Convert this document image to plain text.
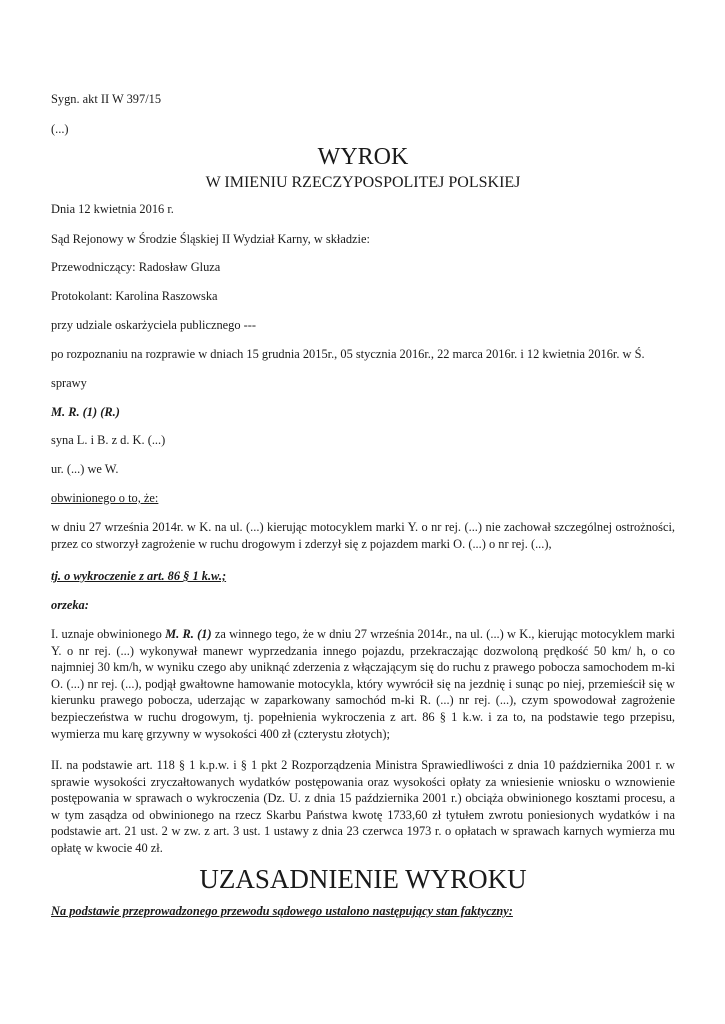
Sygn. akt II W 397/15
(...)
WYROK
W IMIENIU RZECZYPOSPOLITEJ POLSKIEJ
Dnia 12 kwietnia 2016 r.
Sąd Rejonowy w Środzie Śląskiej II Wydział Karny, w składzie:
Przewodniczący: Radosław Gluza
Protokolant: Karolina Raszowska
przy udziale oskarżyciela publicznego ---
po rozpoznaniu na rozprawie w dniach 15 grudnia 2015r., 05 stycznia 2016r., 22 marca 2016r. i 12 kwietnia 2016r. w Ś.
sprawy
M. R. (1) (R.)
syna L. i B. z d. K. (...)
ur. (...) we W.
obwinionego o to, że:
w dniu 27 września 2014r. w K. na ul. (...) kierując motocyklem marki Y. o nr rej. (...) nie zachował szczególnej ostrożności, przez co stworzył zagrożenie w ruchu drogowym i zderzył się z pojazdem marki O. (...) o nr rej. (...),
tj. o wykroczenie z art. 86 § 1 k.w.;
orzeka:
I. uznaje obwinionego M. R. (1) za winnego tego, że w dniu 27 września 2014r., na ul. (...) w K., kierując motocyklem marki Y. o nr rej. (...) wykonywał manewr wyprzedzania innego pojazdu, przekraczając dozwoloną prędkość 50 km/ h, o co najmniej 30 km/h, w wyniku czego aby uniknąć zderzenia z włączającym się do ruchu z prawego pobocza samochodem m-ki O. (...) nr rej. (...), podjął gwałtowne hamowanie motocykla, który wywrócił się na jezdnię i sunąc po niej, przemieścił się w kierunku prawego pobocza, uderzając w zaparkowany samochód m-ki R. (...) nr rej. (...), czym spowodował zagrożenie bezpieczeństwa w ruchu drogowym, tj. popełnienia wykroczenia z art. 86 § 1 k.w. i za to, na podstawie tego przepisu, wymierza mu karę grzywny w wysokości 400 zł (czterystu złotych);
II. na podstawie art. 118 § 1 k.p.w. i § 1 pkt 2 Rozporządzenia Ministra Sprawiedliwości z dnia 10 października 2001 r. w sprawie wysokości zryczałtowanych wydatków postępowania oraz wysokości opłaty za wniesienie wniosku o wznowienie postępowania w sprawach o wykroczenia (Dz. U. z dnia 15 października 2001 r.) obciąża obwinionego kosztami procesu, a w tym zasądza od obwinionego na rzecz Skarbu Państwa kwotę 1733,60 zł tytułem zwrotu poniesionych wydatków i na podstawie art. 21 ust. 2 w zw. z art. 3 ust. 1 ustawy z dnia 23 czerwca 1973 r. o opłatach w sprawach karnych wymierza mu opłatę w kwocie 40 zł.
UZASADNIENIE WYROKU
Na podstawie przeprowadzonego przewodu sądowego ustalono następujący stan faktyczny:
